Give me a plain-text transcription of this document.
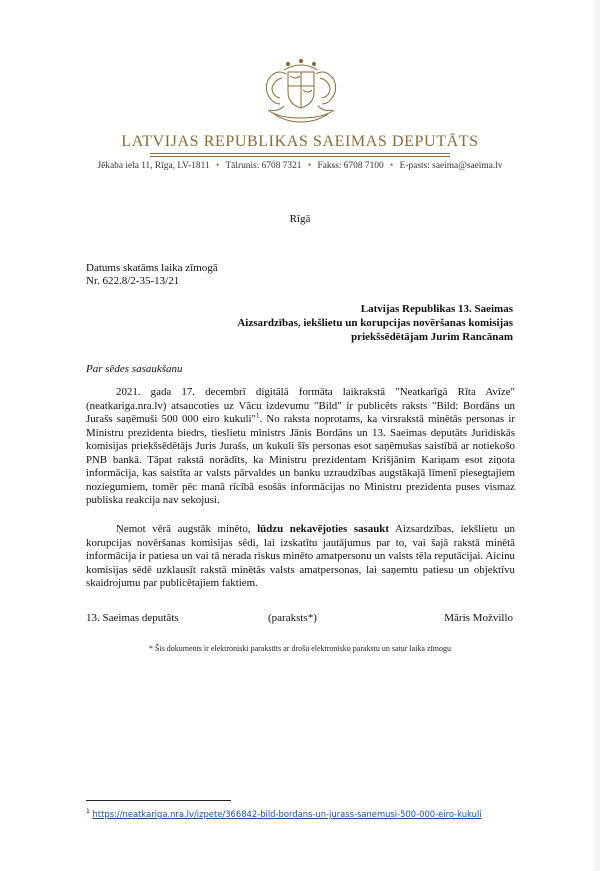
LATVIJAS REPUBLIKAS SAEIMAS DEPUTĀTS
Jēkaba iela 11, Rīga, LV-1811 • Tālrunis: 6708 7321 • Fakss: 6708 7100 • E-pasts: saeima@saeima.lv
Rīgā
Datums skatāms laika zīmogā
Nr. 622.8/2-35-13/21
Latvijas Republikas 13. Saeimas
Aizsardzības, iekšlietu un korupcijas novēršanas komisijas
priekšsēdētājam Jurim Rancānam
Par sēdes sasaukšanu

2021. gada 17. decembrī digitālā formāta laikrakstā "Neatkarīgā Rīta Avīze" (neatkariga.nra.lv) atsaucoties uz Vācu izdevumu "Bild" ir publicēts raksts "Bild: Bordāns un Jurašs saņēmuši 500 000 eiro kukuli"$^1$. No raksta noprotams, ka virsrakstā minētās personas ir Ministru prezidenta biedrs, tieslietu ministrs Jānis Bordāns un 13. Saeimas deputāts Juridiskās komisijas priekšsēdētājs Juris Jurašs, un kukuli šīs personas esot saņēmušas saistībā ar notiekošo PNB bankā. Tāpat rakstā norādīts, ka Ministru prezidentam Krišjānim Kariņam esot ziņota informācija, kas saistīta ar valsts pārvaldes un banku uzraudzības augstākajā līmenī piesegtajiem noziegumiem, tomēr pēc manā rīcībā esošās informācijas no Ministru prezidenta puses vismaz publiska reakcija nav sekojusi.

Ņemot vērā augstāk minēto, lūdzu nekavējoties sasaukt Aizsardzības, iekšlietu un korupcijas novēršanas komisijas sēdi, lai izskatītu jautājumus par to, vai šajā rakstā minētā informācija ir patiesa un vai tā nerada riskus minēto amatpersonu un valsts tēla reputācijai. Aicinu komisijas sēdē uzklausīt rakstā minētās valsts amatpersonas, lai saņemtu patiesu un objektīvu skaidrojumu par publicētajiem faktiem.

13. Saeimas deputāts	(paraksts*)	Māris Možvillo
* Šis dokuments ir elektroniski parakstīts ar drošu elektronisko parakstu un satur laika zīmogu
$^1$ https://neatkariga.nra.lv/izpete/366842-bild-bordans-un-jurass-sanemusi-500-000-eiro-kukuli
